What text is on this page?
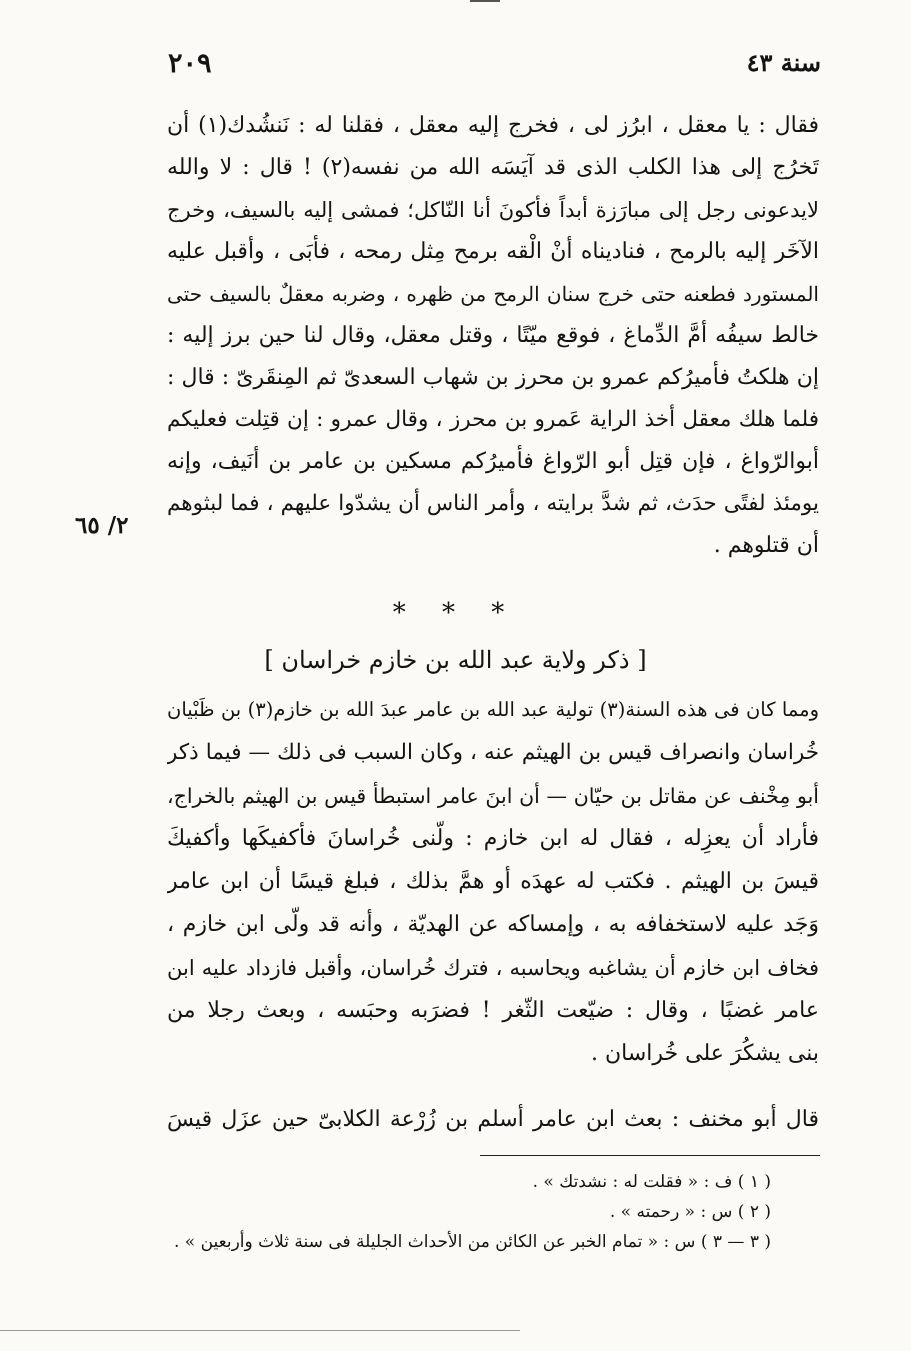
٢٠٩	سنة ٤٣
فقال : يا معقل ، ابرُز لى ، فخرج إليه معقل ، فقلنا له : نَنشُدك(١) أن
تَخرُج إلى هذا الكلب الذى قد آيَسَه الله من نفسه(٢) ! قال : لا والله
لايدعونى رجل إلى مبارَزة أبداً فأكونَ أنا النّاكل؛ فمشى إليه بالسيف، وخرج
الآخَر إليه بالرمح ، فناديناه أنْ الْقه برمح مِثل رمحه ، فأبَى ، وأقبل عليه
المستورد فطعنه حتى خرج سنان الرمح من ظهره ، وضربه معقلٌ بالسيف حتى
خالط سيفُه أمَّ الدِّماغ ، فوقع ميّتًا ، وقتل معقل، وقال لنا حين برز إليه :
إن هلكتُ فأميرُكم عمرو بن محرز بن شهاب السعدىّ ثم المِنقَرىّ : قال :
فلما هلك معقل أخذ الراية عَمرو بن محرز ، وقال عمرو : إن قتِلت فعليكم
أبوالرّواغ ، فإن قتِل أبو الرّواغ فأميرُكم مسكين بن عامر بن أنَيف، وإنه
يومئذ لفتًى حدَث، ثم شدَّ برايته ، وأمر الناس أن يشدّوا عليهم ، فما لبثوهم
أن قتلوهم .
٢/ ٦٥
* * *
[ ذكر ولاية عبد الله بن خازم خراسان ]
ومما كان فى هذه السنة(٣) تولية عبد الله بن عامر عبدَ الله بن خازم(٣) بن ظَبْيان
خُراسان وانصراف قيس بن الهيثم عنه ، وكان السبب فى ذلك — فيما ذكر
أبو مِخْنف عن مقاتل بن حيّان — أن ابنَ عامر استبطأ قيس بن الهيثم بالخراج،
فأراد أن يعزِله ، فقال له ابن خازم : ولّنى خُراسانَ فأكفيكَها وأكفيكَ
قيسَ بن الهيثم . فكتب له عهدَه أو همَّ بذلك ، فبلغ قيسًا أن ابن عامر
وَجَد عليه لاستخفافه به ، وإمساكه عن الهديّة ، وأنه قد ولّى ابن خازم ،
فخاف ابن خازم أن يشاغبه ويحاسبه ، فترك خُراسان، وأقبل فازداد عليه ابن
عامر غضبًا ، وقال : ضيّعت الثّغر ! فضرَبه وحبَسه ، وبعث رجلا من
بنى يشكُرَ على خُراسان .
قال أبو مخنف : بعث ابن عامر أسلم بن زُرْعة الكلابىّ حين عزَل قيسَ
( ١ ) ف : « فقلت له : نشدتك » .
( ٢ ) س : « رحمته » .
( ٣ — ٣ ) س : « تمام الخبر عن الكائن من الأحداث الجليلة فى سنة ثلاث وأربعين » .
